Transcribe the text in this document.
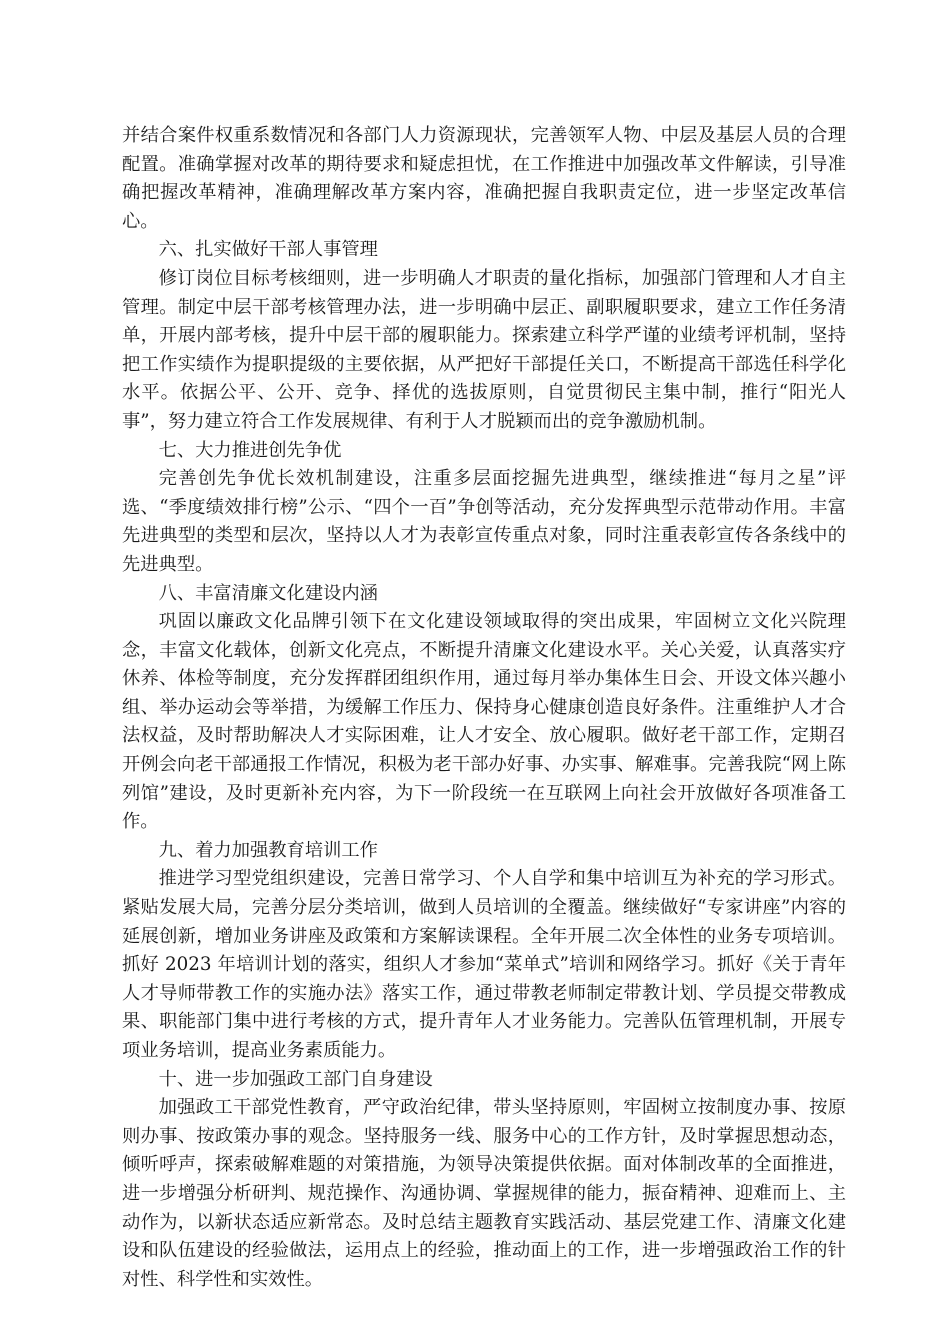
并结合案件权重系数情况和各部门人力资源现状，完善领军人物、中层及基层人员的合理配置。准确掌握对改革的期待要求和疑虑担忧，在工作推进中加强改革文件解读，引导准确把握改革精神，准确理解改革方案内容，准确把握自我职责定位，进一步坚定改革信心。

六、扎实做好干部人事管理

修订岗位目标考核细则，进一步明确人才职责的量化指标，加强部门管理和人才自主管理。制定中层干部考核管理办法，进一步明确中层正、副职履职要求，建立工作任务清单，开展内部考核，提升中层干部的履职能力。探索建立科学严谨的业绩考评机制，坚持把工作实绩作为提职提级的主要依据，从严把好干部提任关口，不断提高干部选任科学化水平。依据公平、公开、竞争、择优的选拔原则，自觉贯彻民主集中制，推行“阳光人事”，努力建立符合工作发展规律、有利于人才脱颖而出的竞争激励机制。

七、大力推进创先争优

完善创先争优长效机制建设，注重多层面挖掘先进典型，继续推进“每月之星”评选、“季度绩效排行榜”公示、“四个一百”争创等活动，充分发挥典型示范带动作用。丰富先进典型的类型和层次，坚持以人才为表彰宣传重点对象，同时注重表彰宣传各条线中的先进典型。

八、丰富清廉文化建设内涵

巩固以廉政文化品牌引领下在文化建设领域取得的突出成果，牢固树立文化兴院理念，丰富文化载体，创新文化亮点，不断提升清廉文化建设水平。关心关爱，认真落实疗休养、体检等制度，充分发挥群团组织作用，通过每月举办集体生日会、开设文体兴趣小组、举办运动会等举措，为缓解工作压力、保持身心健康创造良好条件。注重维护人才合法权益，及时帮助解决人才实际困难，让人才安全、放心履职。做好老干部工作，定期召开例会向老干部通报工作情况，积极为老干部办好事、办实事、解难事。完善我院“网上陈列馆”建设，及时更新补充内容，为下一阶段统一在互联网上向社会开放做好各项准备工作。

九、着力加强教育培训工作

推进学习型党组织建设，完善日常学习、个人自学和集中培训互为补充的学习形式。紧贴发展大局，完善分层分类培训，做到人员培训的全覆盖。继续做好“专家讲座”内容的延展创新，增加业务讲座及政策和方案解读课程。全年开展二次全体性的业务专项培训。抓好 2023 年培训计划的落实，组织人才参加“菜单式”培训和网络学习。抓好《关于青年人才导师带教工作的实施办法》落实工作，通过带教老师制定带教计划、学员提交带教成果、职能部门集中进行考核的方式，提升青年人才业务能力。完善队伍管理机制，开展专项业务培训，提高业务素质能力。

十、进一步加强政工部门自身建设

加强政工干部党性教育，严守政治纪律，带头坚持原则，牢固树立按制度办事、按原则办事、按政策办事的观念。坚持服务一线、服务中心的工作方针，及时掌握思想动态，倾听呼声，探索破解难题的对策措施，为领导决策提供依据。面对体制改革的全面推进，进一步增强分析研判、规范操作、沟通协调、掌握规律的能力，振奋精神、迎难而上、主动作为，以新状态适应新常态。及时总结主题教育实践活动、基层党建工作、清廉文化建设和队伍建设的经验做法，运用点上的经验，推动面上的工作，进一步增强政治工作的针对性、科学性和实效性。
